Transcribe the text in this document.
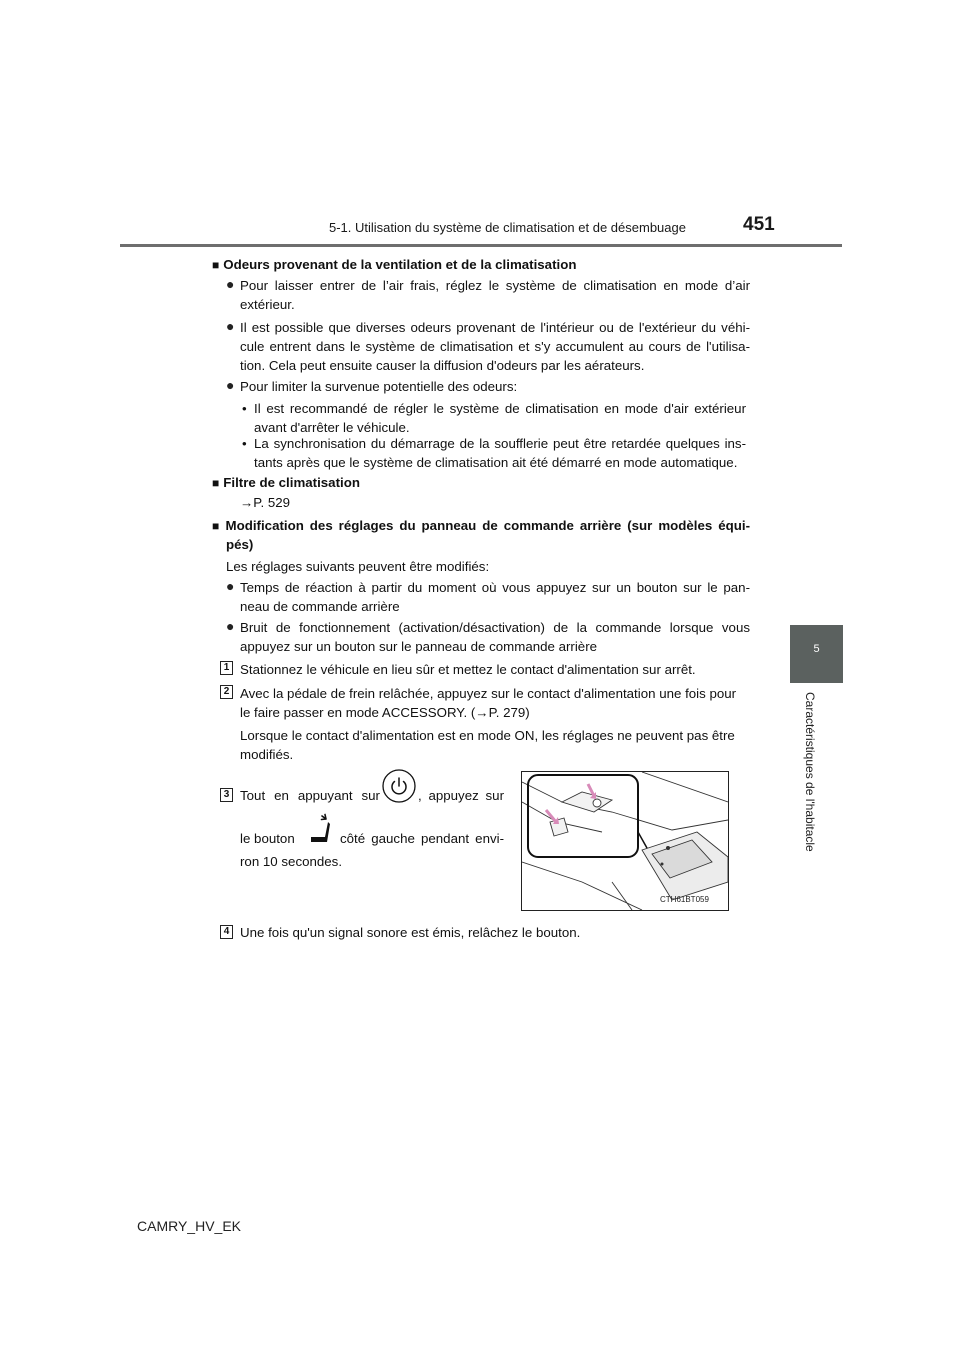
5-1. Utilisation du système de climatisation et de désembuage	451
5
Caractéristiques de l'habitacle
■ Odeurs provenant de la ventilation et de la climatisation
● Pour laisser entrer de l’air frais, réglez le système de climatisation en mode d’air
extérieur.
● Il est possible que diverses odeurs provenant de l'intérieur ou de l'extérieur du véhi-
cule entrent dans le système de climatisation et s'y accumulent au cours de l'utilisa-
tion. Cela peut ensuite causer la diffusion d'odeurs par les aérateurs.
● Pour limiter la survenue potentielle des odeurs:
• Il est recommandé de régler le système de climatisation en mode d'air extérieur
avant d'arrêter le véhicule.
• La synchronisation du démarrage de la soufflerie peut être retardée quelques ins-
tants après que le système de climatisation ait été démarré en mode automatique.
■ Filtre de climatisation
→P. 529
■ Modification des réglages du panneau de commande arrière (sur modèles équi-
pés)
Les réglages suivants peuvent être modifiés:
● Temps de réaction à partir du moment où vous appuyez sur un bouton sur le pan-
neau de commande arrière
● Bruit de fonctionnement (activation/désactivation) de la commande lorsque vous
appuyez sur un bouton sur le panneau de commande arrière
1 Stationnez le véhicule en lieu sûr et mettez le contact d'alimentation sur arrêt.
2 Avec la pédale de frein relâchée, appuyez sur le contact d'alimentation une fois pour
le faire passer en mode ACCESSORY. (→P. 279)
Lorsque le contact d'alimentation est en mode ON, les réglages ne peuvent pas être
modifiés.
3 Tout en appuyant sur	, appuyez sur
le bouton	côté gauche pendant envi-
ron 10 secondes.
CTH61BT059
4 Une fois qu'un signal sonore est émis, relâchez le bouton.
CAMRY_HV_EK
